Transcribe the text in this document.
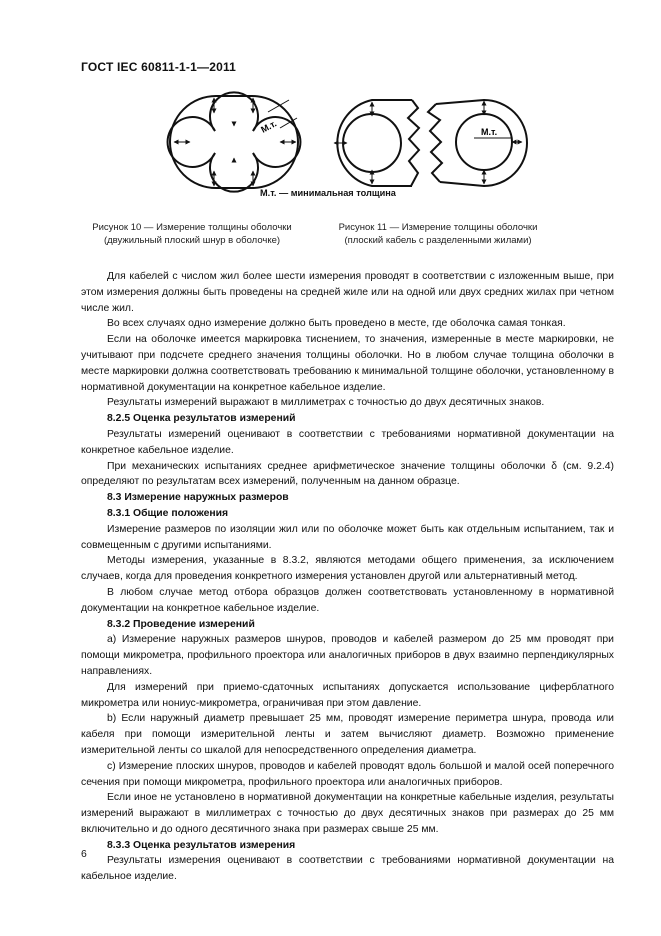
ГОСТ IEC 60811-1-1—2011
М.т.	М.т.
М.т. — минимальная толщина
Рисунок 10 — Измерение толщины оболочки
(двужильный плоский шнур в оболочке)
Рисунок 11 — Измерение толщины оболочки
(плоский кабель с разделенными жилами)

Для кабелей с числом жил более шести измерения проводят в соответствии с изложенным выше, при этом измерения должны быть проведены на средней жиле или на одной или двух средних жилах при четном числе жил.

Во всех случаях одно измерение должно быть проведено в месте, где оболочка самая тонкая.

Если на оболочке имеется маркировка тиснением, то значения, измеренные в месте маркировки, не учитывают при подсчете среднего значения толщины оболочки. Но в любом случае толщина оболочки в месте маркировки должна соответствовать требованию к минимальной толщине оболочки, установленному в нормативной документации на конкретное кабельное изделие.

Результаты измерений выражают в миллиметрах с точностью до двух десятичных знаков.

8.2.5 Оценка результатов измерений

Результаты измерений оценивают в соответствии с требованиями нормативной документации на конкретное кабельное изделие.

При механических испытаниях среднее арифметическое значение толщины оболочки δ (см. 9.2.4) определяют по результатам всех измерений, полученным на данном образце.

8.3 Измерение наружных размеров
8.3.1 Общие положения

Измерение размеров по изоляции жил или по оболочке может быть как отдельным испытанием, так и совмещенным с другими испытаниями.

Методы измерения, указанные в 8.3.2, являются методами общего применения, за исключением случаев, когда для проведения конкретного измерения установлен другой или альтернативный метод.

В любом случае метод отбора образцов должен соответствовать установленному в нормативной документации на конкретное кабельное изделие.

8.3.2 Проведение измерений

а) Измерение наружных размеров шнуров, проводов и кабелей размером до 25 мм проводят при помощи микрометра, профильного проектора или аналогичных приборов в двух взаимно перпендикулярных направлениях.

Для измерений при приемо-сдаточных испытаниях допускается использование циферблатного микрометра или нониус-микрометра, ограничивая при этом давление.

b) Если наружный диаметр превышает 25 мм, проводят измерение периметра шнура, провода или кабеля при помощи измерительной ленты и затем вычисляют диаметр. Возможно применение измерительной ленты со шкалой для непосредственного определения диаметра.

c) Измерение плоских шнуров, проводов и кабелей проводят вдоль большой и малой осей поперечного сечения при помощи микрометра, профильного проектора или аналогичных приборов.

Если иное не установлено в нормативной документации на конкретные кабельные изделия, результаты измерений выражают в миллиметрах с точностью до двух десятичных знаков при размерах до 25 мм включительно и до одного десятичного знака при размерах свыше 25 мм.

8.3.3 Оценка результатов измерения

Результаты измерения оценивают в соответствии с требованиями нормативной документации на кабельное изделие.

6
